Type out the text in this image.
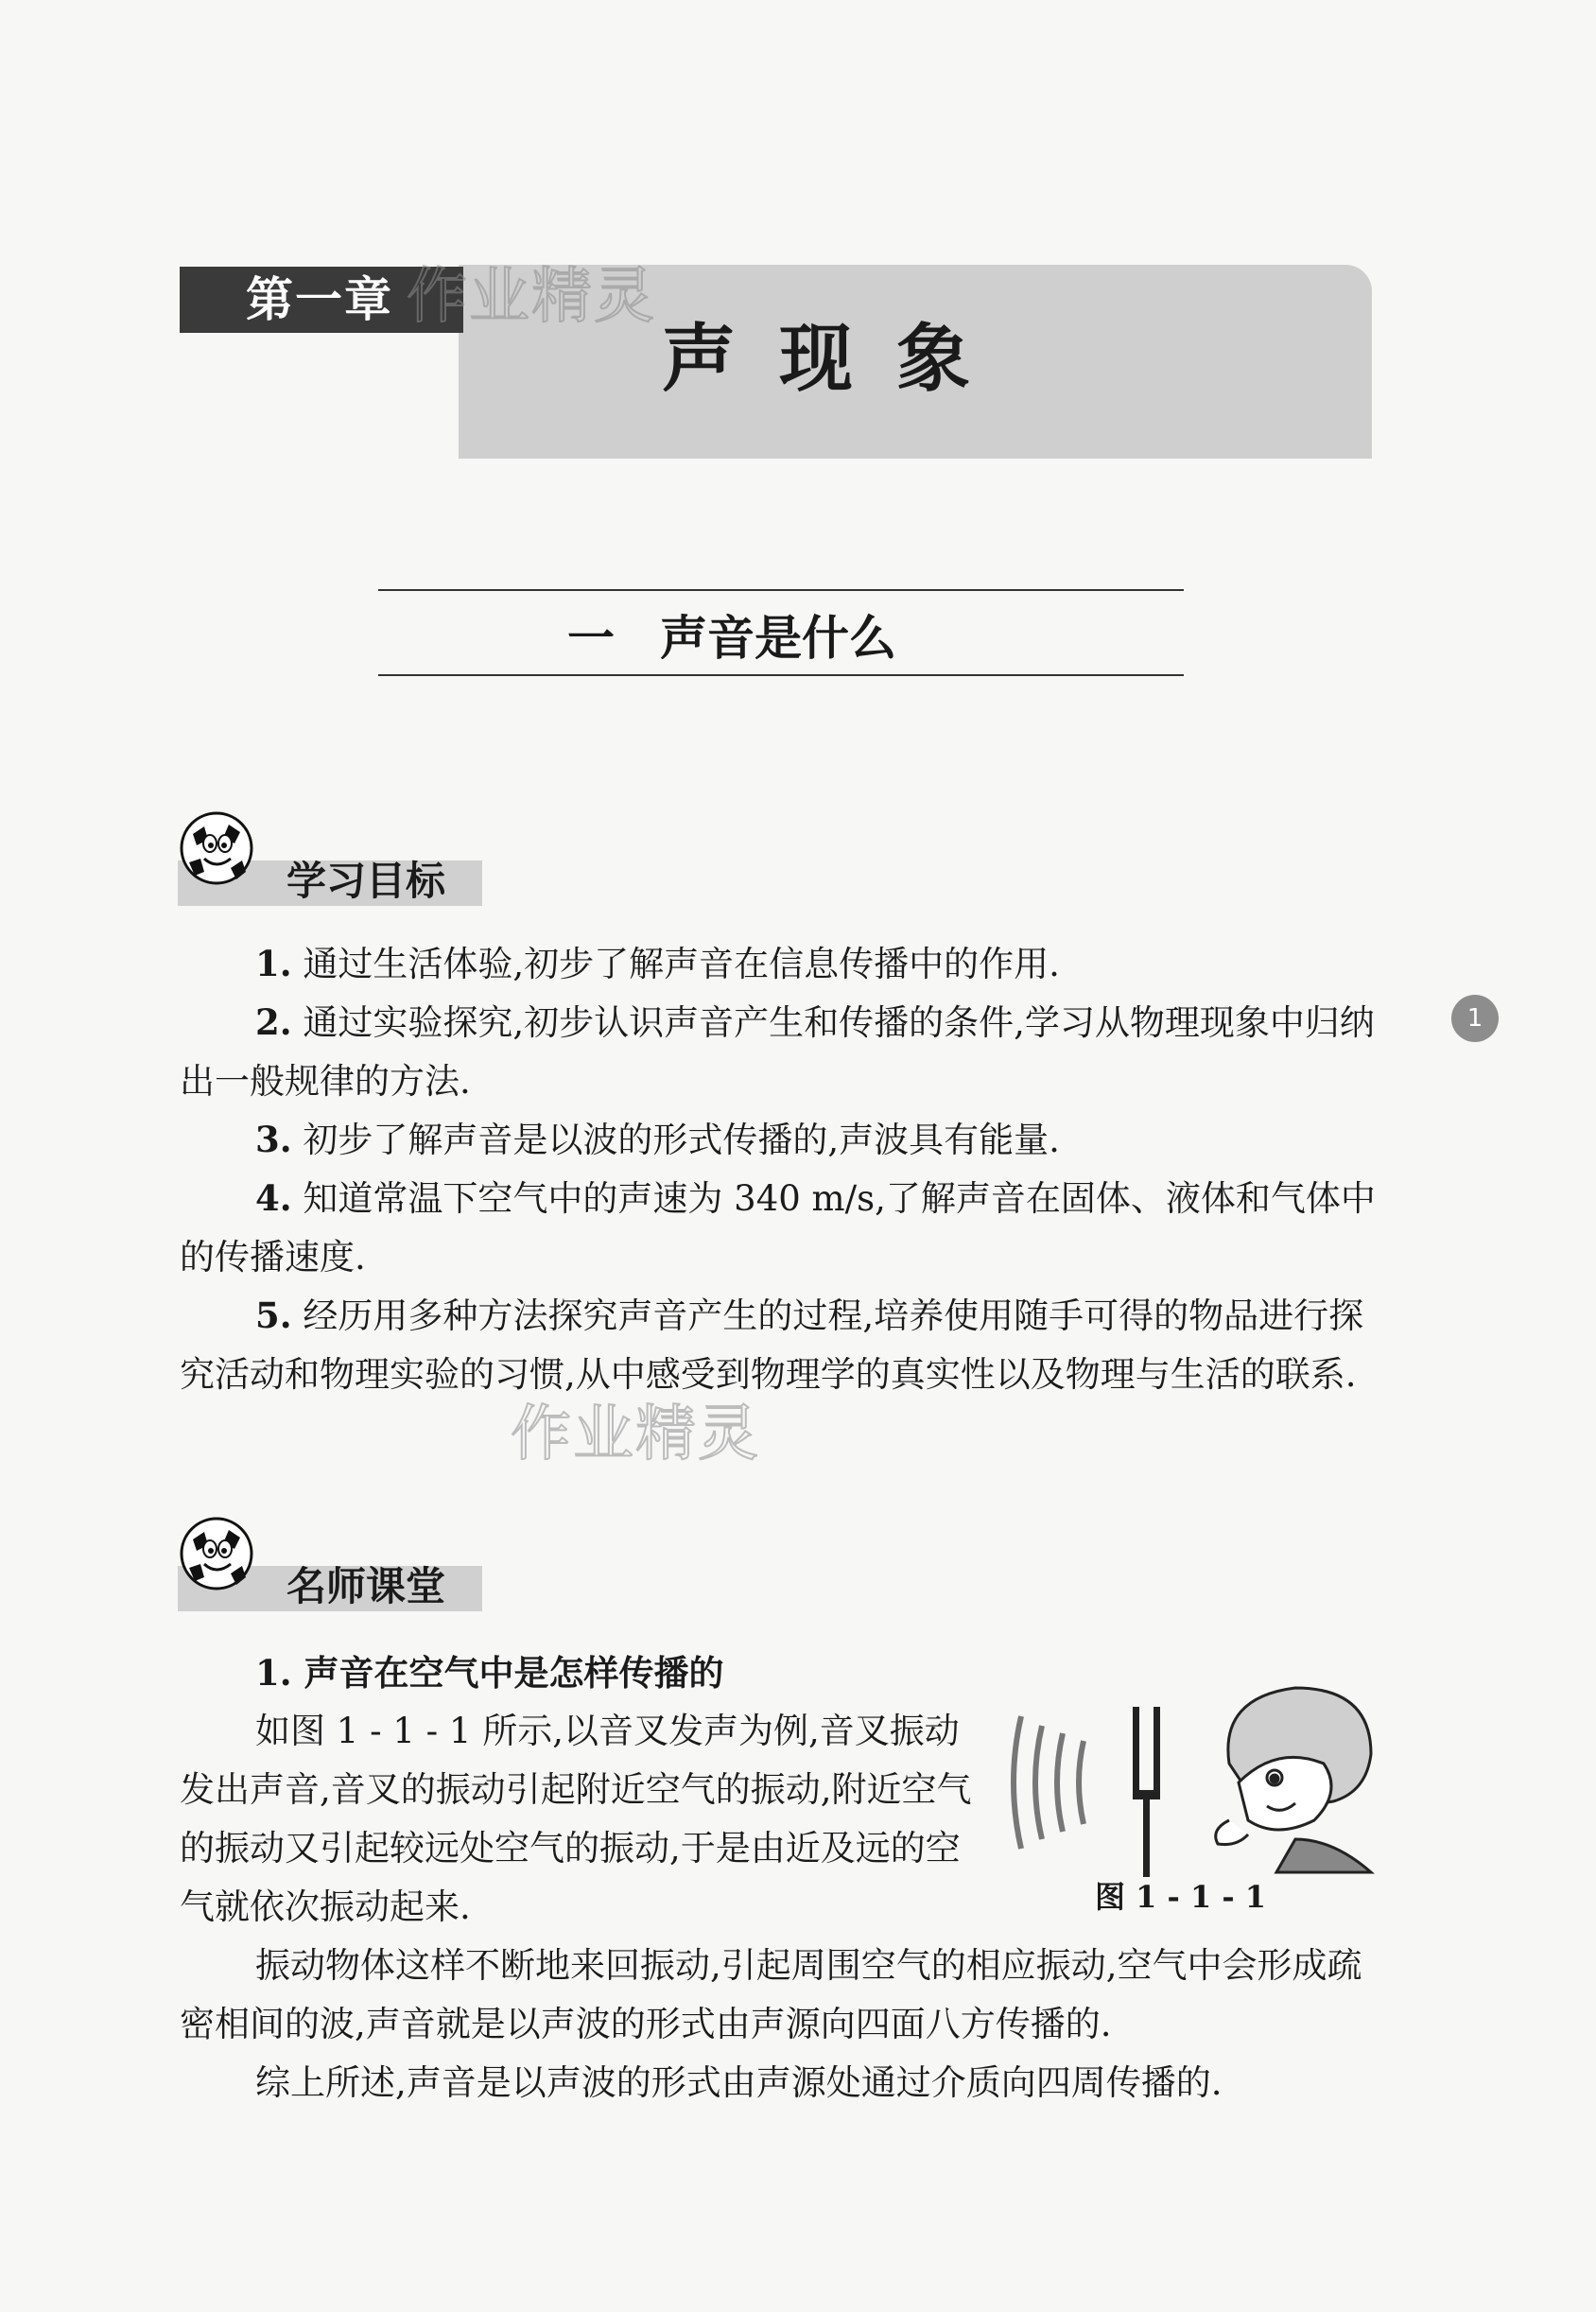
第一章
声现象
作业精灵
一 声音是什么
学习目标
1. 通过生活体验,初步了解声音在信息传播中的作用.
2. 通过实验探究,初步认识声音产生和传播的条件,学习从物理现象中归纳出一般规律的方法.
3. 初步了解声音是以波的形式传播的,声波具有能量.
4. 知道常温下空气中的声速为 340 m/s,了解声音在固体、液体和气体中的传播速度.
5. 经历用多种方法探究声音产生的过程,培养使用随手可得的物品进行探究活动和物理实验的习惯,从中感受到物理学的真实性以及物理与生活的联系.
作业精灵
1
名师课堂
1. 声音在空气中是怎样传播的
如图 1 - 1 - 1 所示,以音叉发声为例,音叉振动发出声音,音叉的振动引起附近空气的振动,附近空气的振动又引起较远处空气的振动,于是由近及远的空气就依次振动起来.	图 1 - 1 - 1
振动物体这样不断地来回振动,引起周围空气的相应振动,空气中会形成疏密相间的波,声音就是以声波的形式由声源向四面八方传播的.
综上所述,声音是以声波的形式由声源处通过介质向四周传播的.
